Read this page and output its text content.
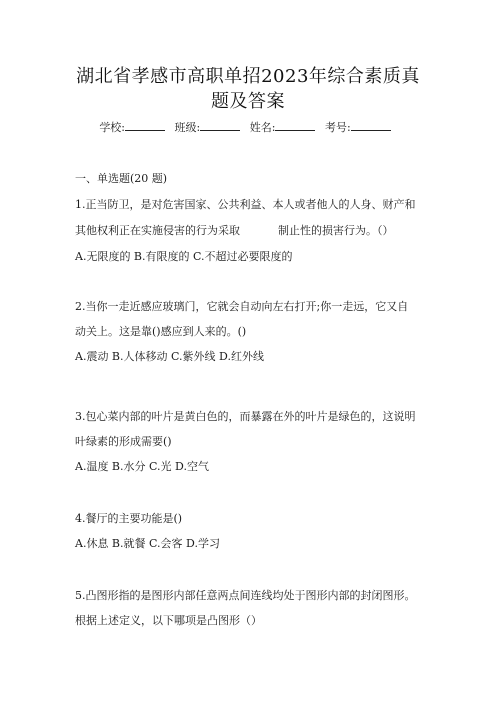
湖北省孝感市高职单招2023年综合素质真
题及答案
学校:	班级:	姓名:	考号:
一、单选题(20 题)
1.正当防卫，是对危害国家、公共利益、本人或者他人的人身、财产和
其他权利正在实施侵害的行为采取	制止性的损害行为。（）
A.无限度的 B.有限度的 C.不超过必要限度的
2.当你一走近感应玻璃门，它就会自动向左右打开;你一走远，它又自
动关上。这是靠()感应到人来的。()
A.震动 B.人体移动 C.紫外线 D.红外线
3.包心菜内部的叶片是黄白色的，而暴露在外的叶片是绿色的，这说明
叶绿素的形成需要()
A.温度 B.水分 C.光 D.空气
4.餐厅的主要功能是()
A.休息 B.就餐 C.会客 D.学习
5.凸图形指的是图形内部任意两点间连线均处于图形内部的封闭图形。
根据上述定义，以下哪项是凸图形（）
